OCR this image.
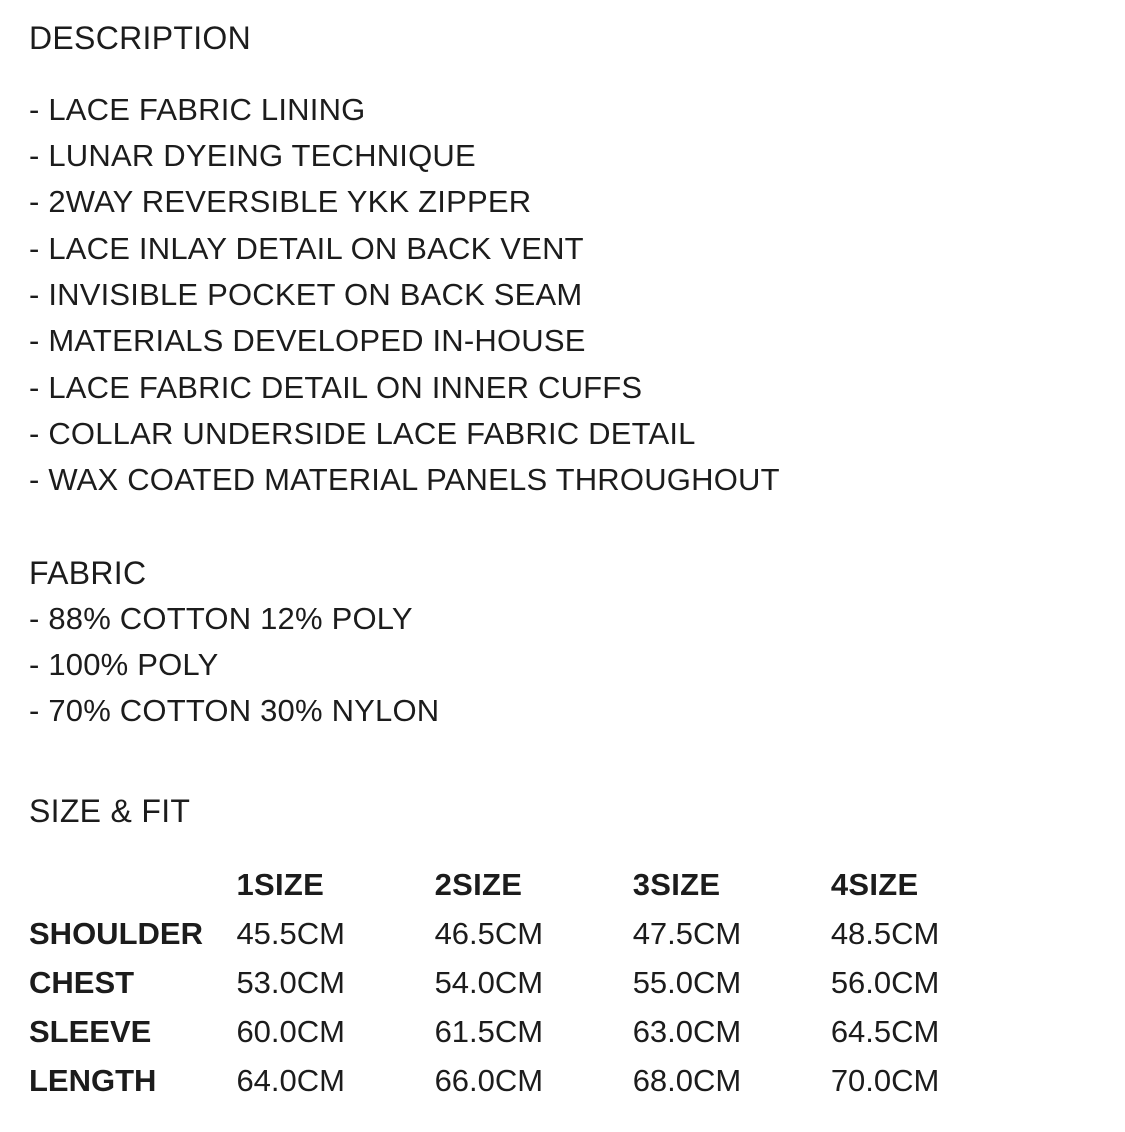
DESCRIPTION
- LACE FABRIC LINING
- LUNAR DYEING TECHNIQUE
- 2WAY REVERSIBLE YKK ZIPPER
- LACE INLAY DETAIL ON BACK VENT
- INVISIBLE POCKET ON BACK SEAM
- MATERIALS DEVELOPED IN-HOUSE
- LACE FABRIC DETAIL ON INNER CUFFS
- COLLAR UNDERSIDE LACE FABRIC DETAIL
- WAX COATED MATERIAL PANELS THROUGHOUT
FABRIC
- 88% COTTON 12% POLY
- 100% POLY
- 70% COTTON 30% NYLON
SIZE & FIT
	1SIZE	2SIZE	3SIZE	4SIZE
SHOULDER	45.5CM	46.5CM	47.5CM	48.5CM
CHEST	53.0CM	54.0CM	55.0CM	56.0CM
SLEEVE	60.0CM	61.5CM	63.0CM	64.5CM
LENGTH	64.0CM	66.0CM	68.0CM	70.0CM
